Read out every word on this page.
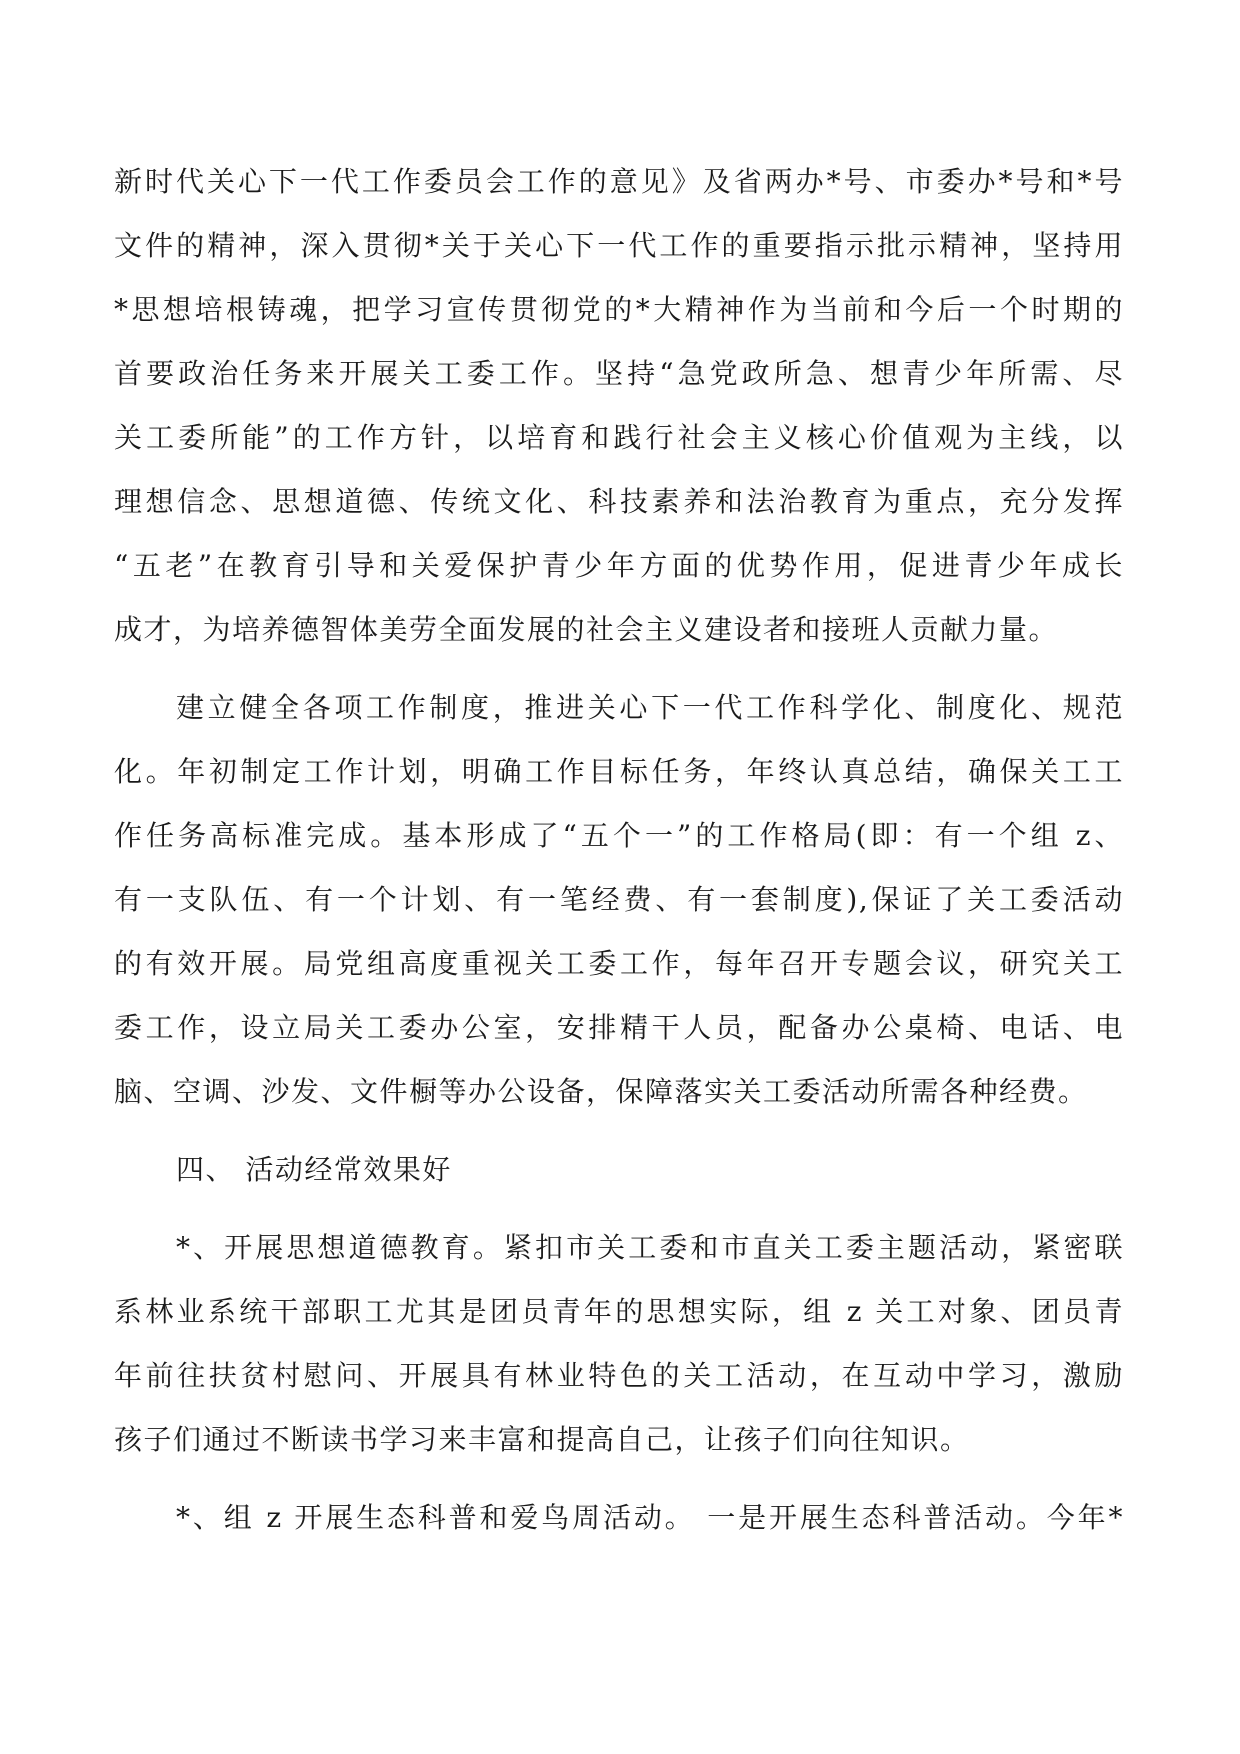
新时代关心下一代工作委员会工作的意见》及省两办*号、市委办*号和*号
文件的精神，深入贯彻*关于关心下一代工作的重要指示批示精神，坚持用
*思想培根铸魂，把学习宣传贯彻党的*大精神作为当前和今后一个时期的
首要政治任务来开展关工委工作。坚持“急党政所急、想青少年所需、尽
关工委所能”的工作方针，以培育和践行社会主义核心价值观为主线，以
理想信念、思想道德、传统文化、科技素养和法治教育为重点，充分发挥
“五老”在教育引导和关爱保护青少年方面的优势作用，促进青少年成长
成才，为培养德智体美劳全面发展的社会主义建设者和接班人贡献力量。
建立健全各项工作制度，推进关心下一代工作科学化、制度化、规范
化。年初制定工作计划，明确工作目标任务，年终认真总结，确保关工工
作任务高标准完成。基本形成了“五个一”的工作格局(即：有一个组 z、
有一支队伍、有一个计划、有一笔经费、有一套制度),保证了关工委活动
的有效开展。局党组高度重视关工委工作，每年召开专题会议，研究关工
委工作，设立局关工委办公室，安排精干人员，配备办公桌椅、电话、电
脑、空调、沙发、文件橱等办公设备，保障落实关工委活动所需各种经费。
四、 活动经常效果好
*、开展思想道德教育。紧扣市关工委和市直关工委主题活动，紧密联
系林业系统干部职工尤其是团员青年的思想实际，组 z 关工对象、团员青
年前往扶贫村慰问、开展具有林业特色的关工活动，在互动中学习，激励
孩子们通过不断读书学习来丰富和提高自己，让孩子们向往知识。
*、组 z 开展生态科普和爱鸟周活动。 一是开展生态科普活动。今年*
